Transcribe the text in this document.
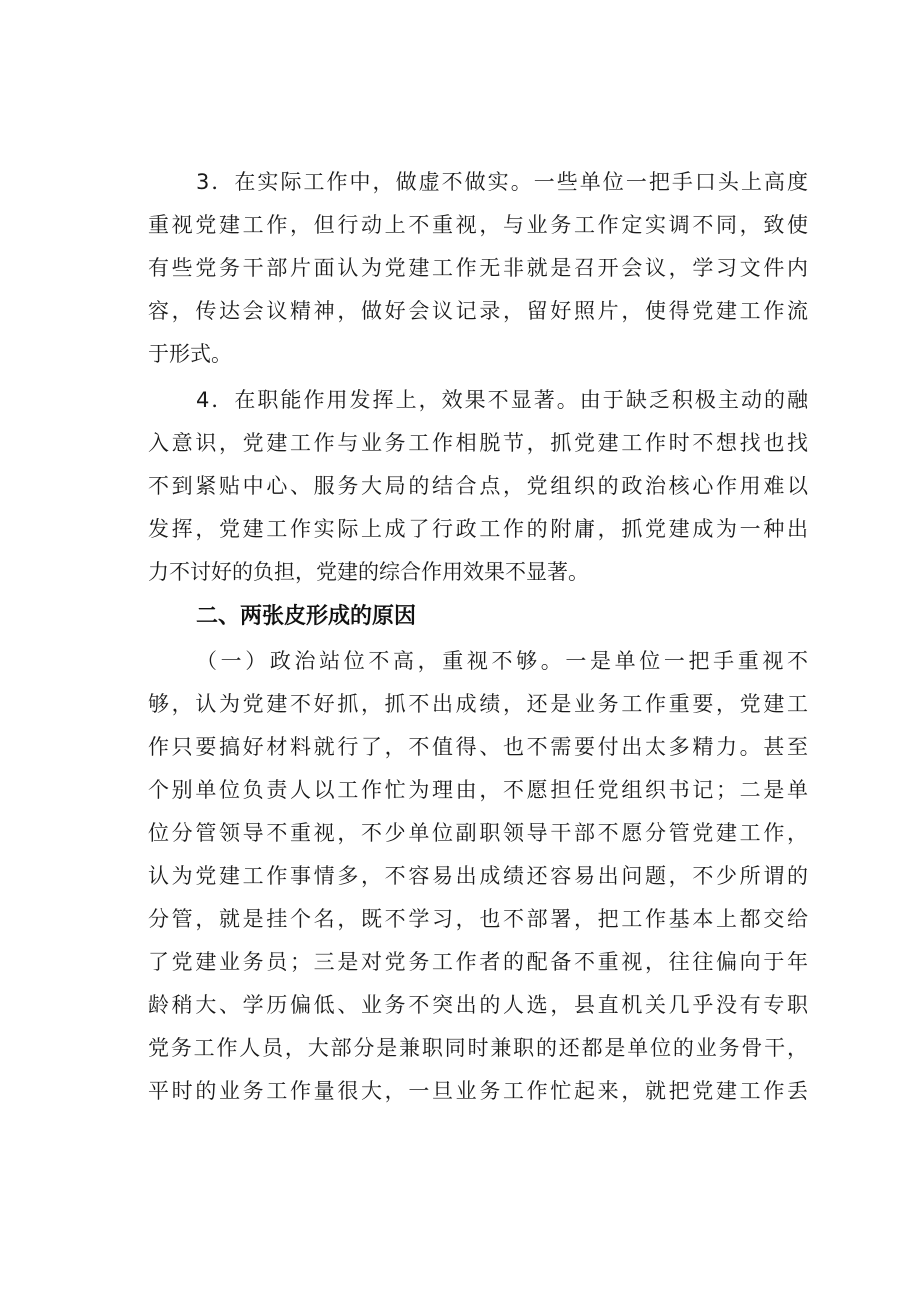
3．在实际工作中，做虚不做实。一些单位一把手口头上高度
重视党建工作，但行动上不重视，与业务工作定实调不同，致使
有些党务干部片面认为党建工作无非就是召开会议，学习文件内
容，传达会议精神，做好会议记录，留好照片，使得党建工作流
于形式。
4．在职能作用发挥上，效果不显著。由于缺乏积极主动的融
入意识，党建工作与业务工作相脱节，抓党建工作时不想找也找
不到紧贴中心、服务大局的结合点，党组织的政治核心作用难以
发挥，党建工作实际上成了行政工作的附庸，抓党建成为一种出
力不讨好的负担，党建的综合作用效果不显著。
二、两张皮形成的原因
（一）政治站位不高，重视不够。一是单位一把手重视不
够，认为党建不好抓，抓不出成绩，还是业务工作重要，党建工
作只要搞好材料就行了，不值得、也不需要付出太多精力。甚至
个别单位负责人以工作忙为理由，不愿担任党组织书记；二是单
位分管领导不重视，不少单位副职领导干部不愿分管党建工作，
认为党建工作事情多，不容易出成绩还容易出问题，不少所谓的
分管，就是挂个名，既不学习，也不部署，把工作基本上都交给
了党建业务员；三是对党务工作者的配备不重视，往往偏向于年
龄稍大、学历偏低、业务不突出的人选，县直机关几乎没有专职
党务工作人员，大部分是兼职同时兼职的还都是单位的业务骨干，
平时的业务工作量很大，一旦业务工作忙起来，就把党建工作丢
